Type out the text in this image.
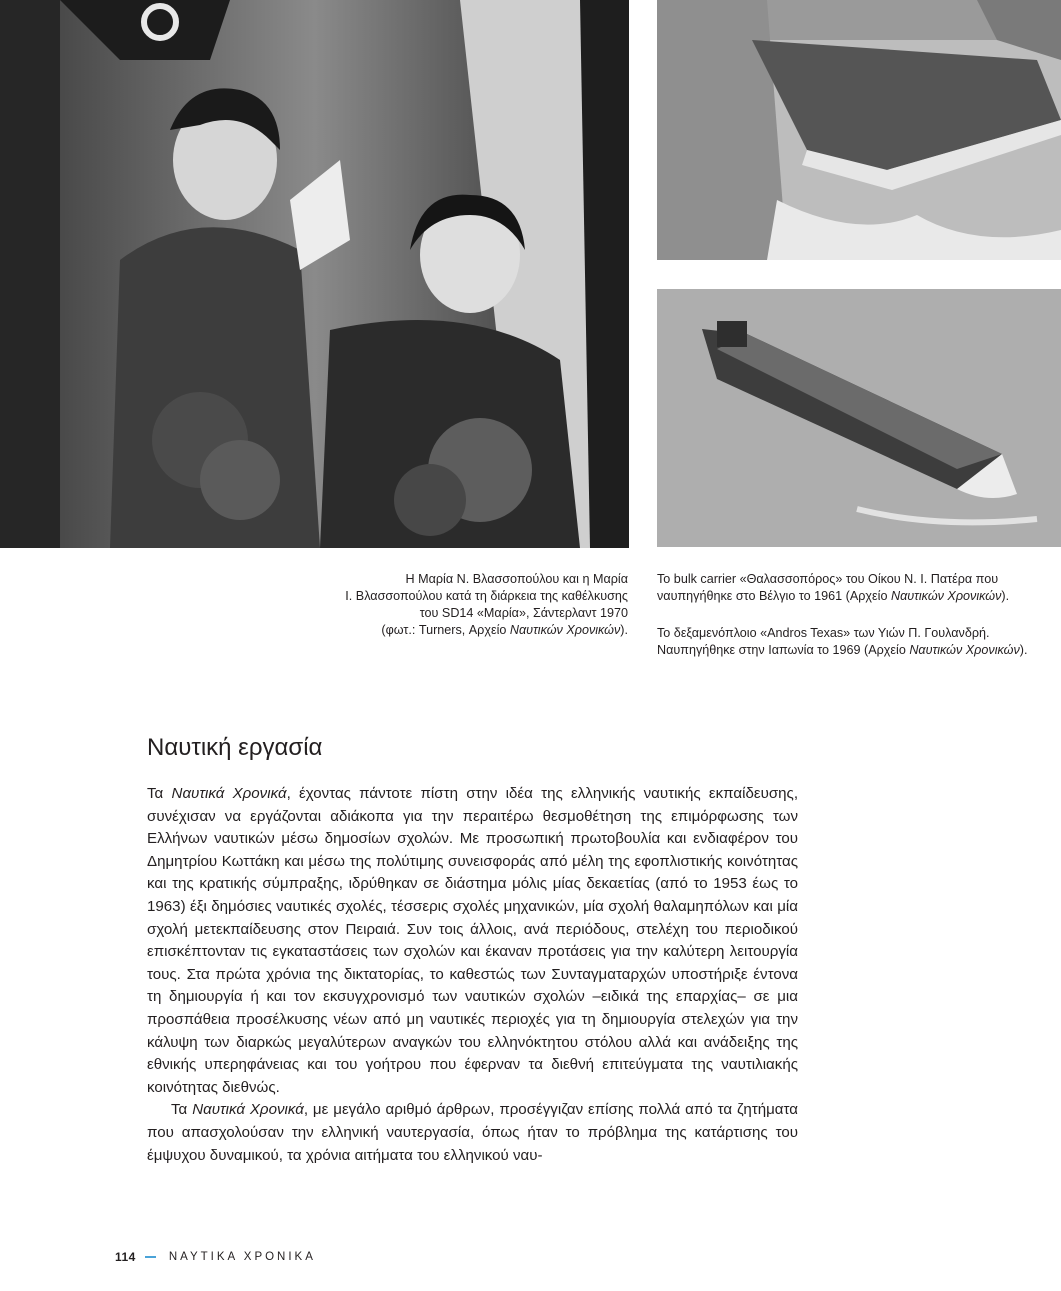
Η Μαρία Ν. Βλασσοπούλου και η Μαρία

Ι. Βλασσοπούλου κατά τη διάρκεια της καθέλκυσης

του SD14 «Μαρία», Σάντερλαντ 1970

(φωτ.: Turners, Αρχείο Ναυτικών Χρονικών).

Το bulk carrier «Θαλασσοπόρος» του Οίκου Ν. Ι. Πατέρα που

ναυπηγήθηκε στο Βέλγιο το 1961 (Αρχείο Ναυτικών Χρονικών).

Το δεξαμενόπλοιο «Andros Texas» των Υιών Π. Γουλανδρή.

Ναυπηγήθηκε στην Ιαπωνία το 1969 (Αρχείο Ναυτικών Χρονικών).

Ναυτική εργασία

Τα Ναυτικά Χρονικά, έχοντας πάντοτε πίστη στην ιδέα της ελληνικής ναυτικής εκπαίδευσης, συνέχισαν να εργάζονται αδιάκοπα για την περαιτέρω θεσμοθέτηση της επιμόρφωσης των Ελλήνων ναυτικών μέσω δημοσίων σχολών. Με προσωπική πρωτοβουλία και ενδιαφέρον του Δημητρίου Κωττάκη και μέσω της πολύτιμης συνεισφοράς από μέλη της εφοπλιστικής κοινότητας και της κρατικής σύμπραξης, ιδρύθηκαν σε διάστημα μόλις μίας δεκαετίας (από το 1953 έως το 1963) έξι δημόσιες ναυτικές σχολές, τέσσερις σχολές μηχανικών, μία σχολή θαλαμηπόλων και μία σχολή μετεκπαίδευσης στον Πειραιά. Συν τοις άλλοις, ανά περιόδους, στελέχη του περιοδικού επισκέπτονταν τις εγκαταστάσεις των σχολών και έκαναν προτάσεις για την καλύτερη λειτουργία τους. Στα πρώτα χρόνια της δικτατορίας, το καθεστώς των Συνταγματαρχών υποστήριξε έντονα τη δημιουργία ή και τον εκσυγχρονισμό των ναυτικών σχολών –ειδικά της επαρχίας– σε μια προσπάθεια προσέλκυσης νέων από μη ναυτικές περιοχές για τη δημιουργία στελεχών για την κάλυψη των διαρκώς μεγαλύτερων αναγκών του ελληνόκτητου στόλου αλλά και ανάδειξης της εθνικής υπερηφάνειας και του γοήτρου που έφερναν τα διεθνή επιτεύγματα της ναυτιλιακής κοινότητας διεθνώς.

Τα Ναυτικά Χρονικά, με μεγάλο αριθμό άρθρων, προσέγγιζαν επίσης πολλά από τα ζητήματα που απασχολούσαν την ελληνική ναυτεργασία, όπως ήταν το πρόβλημα της κατάρτισης του έμψυχου δυναμικού, τα χρόνια αιτήματα του ελληνικού ναυ-

114	ΝΑΥΤΙΚΑ ΧΡΟΝΙΚΑ
